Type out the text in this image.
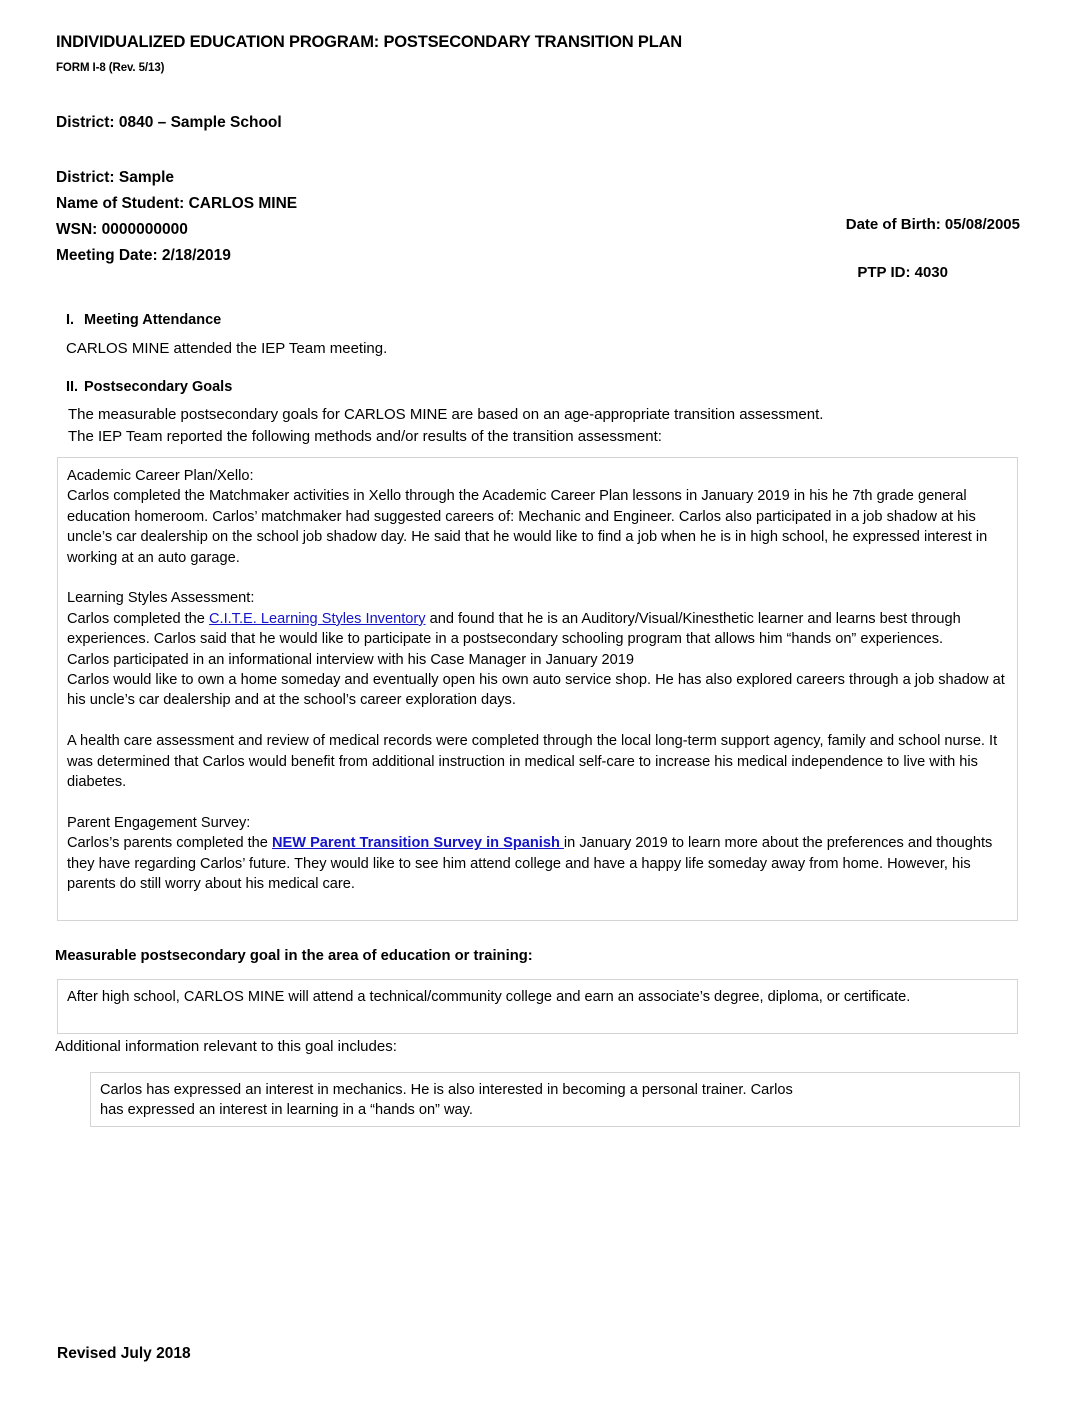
INDIVIDUALIZED EDUCATION PROGRAM: POSTSECONDARY TRANSITION PLAN
FORM I-8 (Rev. 5/13)
District: 0840 – Sample School
District: Sample
Name of Student: CARLOS MINE
WSN: 0000000000
Meeting Date: 2/18/2019
Date of Birth: 05/08/2005
PTP ID: 4030
I. Meeting Attendance
CARLOS MINE attended the IEP Team meeting.
II. Postsecondary Goals
The measurable postsecondary goals for CARLOS MINE are based on an age-appropriate transition assessment.
The IEP Team reported the following methods and/or results of the transition assessment:

Academic Career Plan/Xello:

Carlos completed the Matchmaker activities in Xello through the Academic Career Plan lessons in January 2019 in his he 7th grade general education homeroom. Carlos’ matchmaker had suggested careers of: Mechanic and Engineer. Carlos also participated in a job shadow at his uncle’s car dealership on the school job shadow day. He said that he would like to find a job when he is in high school, he expressed interest in working at an auto garage.

Learning Styles Assessment:

Carlos completed the C.I.T.E. Learning Styles Inventory and found that he is an Auditory/Visual/Kinesthetic learner and learns best through experiences. Carlos said that he would like to participate in a postsecondary schooling program that allows him “hands on” experiences.

Carlos participated in an informational interview with his Case Manager in January 2019

Carlos would like to own a home someday and eventually open his own auto service shop. He has also explored careers through a job shadow at his uncle’s car dealership and at the school’s career exploration days.

A health care assessment and review of medical records were completed through the local long-term support agency, family and school nurse. It was determined that Carlos would benefit from additional instruction in medical self-care to increase his medical independence to live with his diabetes.

Parent Engagement Survey:

Carlos’s parents completed the NEW Parent Transition Survey in Spanish in January 2019 to learn more about the preferences and thoughts they have regarding Carlos’ future. They would like to see him attend college and have a happy life someday away from home. However, his parents do still worry about his medical care.

Measurable postsecondary goal in the area of education or training:

After high school, CARLOS MINE will attend a technical/community college and earn an associate’s degree, diploma, or certificate.

Additional information relevant to this goal includes:

Carlos has expressed an interest in mechanics. He is also interested in becoming a personal trainer. Carlos

has expressed an interest in learning in a “hands on” way.

Revised July 2018
